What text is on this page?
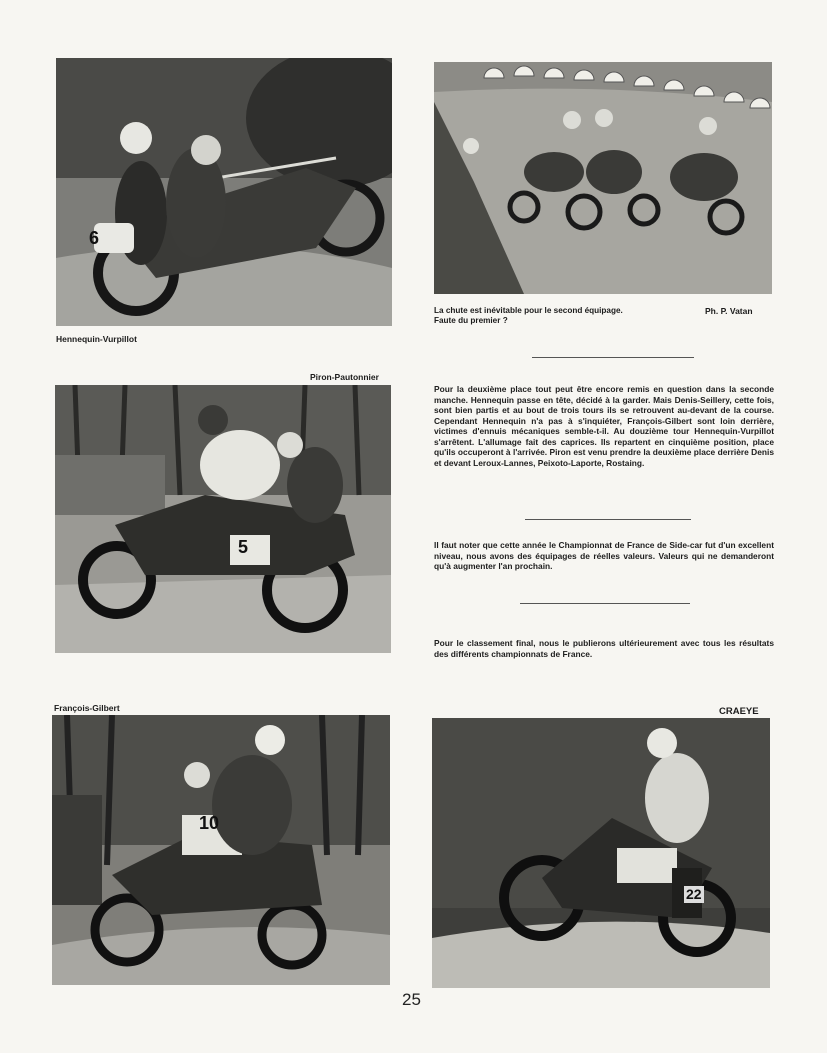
6
Hennequin-Vurpillot
La chute est inévitable pour le second équipage. Faute du premier ?
Ph. P. Vatan
Piron-Pautonnier
5

Pour la deuxième place tout peut être encore remis en question dans la seconde manche. Hennequin passe en tête, décidé à la garder. Mais Denis-Seillery, cette fois, sont bien partis et au bout de trois tours ils se retrouvent au-devant de la course. Cependant Hennequin n'a pas à s'inquiéter, François-Gilbert sont loin derrière, victimes d'ennuis mécaniques semble-t-il. Au douzième tour Hennequin-Vurpillot s'arrêtent. L'allumage fait des caprices. Ils repartent en cinquième position, place qu'ils occuperont à l'arrivée. Piron est venu prendre la deuxième place derrière Denis et devant Leroux-Lannes, Peixoto-Laporte, Rostaing.

Il faut noter que cette année le Championnat de France de Side-car fut d'un excellent niveau, nous avons des équipages de réelles valeurs. Valeurs qui ne demanderont qu'à augmenter l'an prochain.

Pour le classement final, nous le publierons ultérieurement avec tous les résultats des différents championnats de France.

François-Gilbert
10
CRAEYE
22
25
